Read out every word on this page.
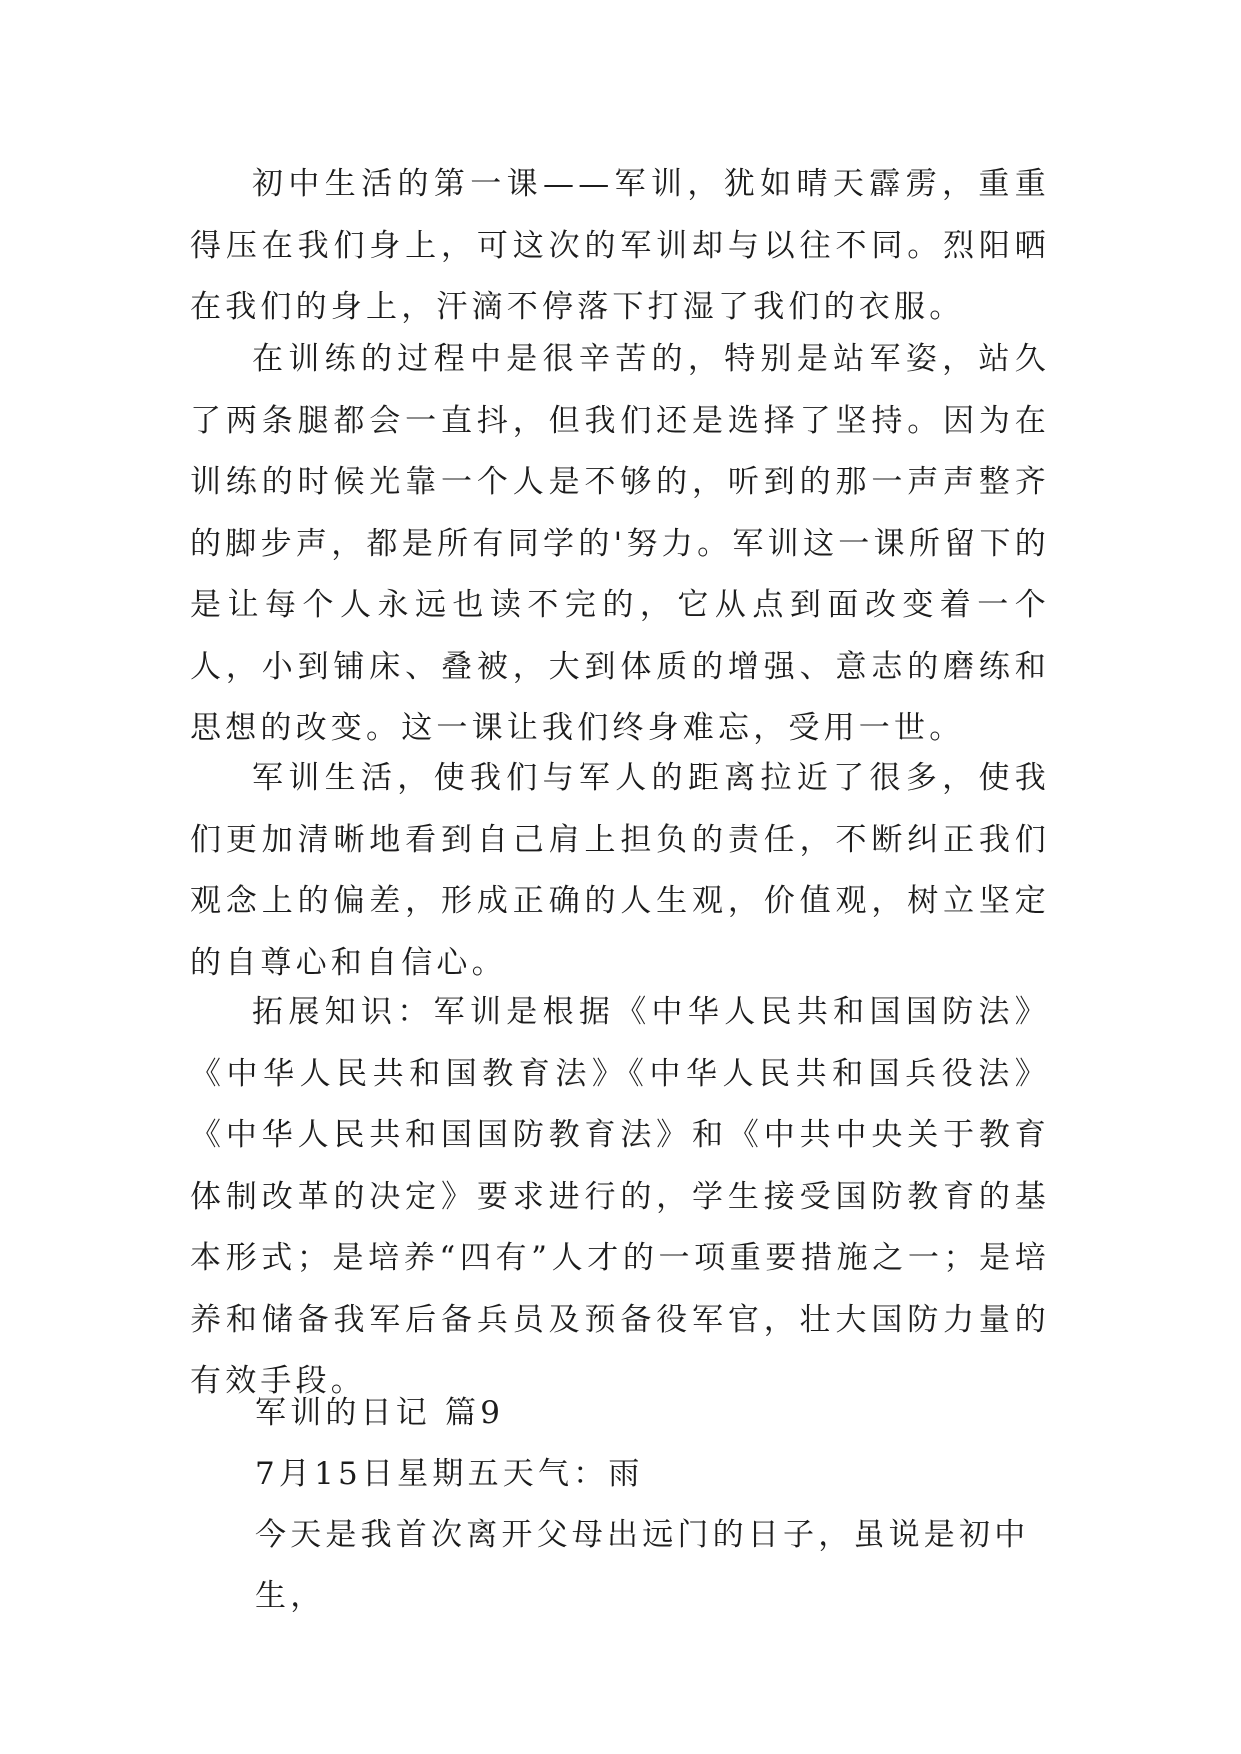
初中生活的第一课——军训，犹如晴天霹雳，重重得压在我们身上，可这次的军训却与以往不同。烈阳晒在我们的身上，汗滴不停落下打湿了我们的衣服。

在训练的过程中是很辛苦的，特别是站军姿，站久了两条腿都会一直抖，但我们还是选择了坚持。因为在训练的时候光靠一个人是不够的，听到的那一声声整齐的脚步声，都是所有同学的'努力。军训这一课所留下的是让每个人永远也读不完的，它从点到面改变着一个人，小到铺床、叠被，大到体质的增强、意志的磨练和思想的改变。这一课让我们终身难忘，受用一世。

军训生活，使我们与军人的距离拉近了很多，使我们更加清晰地看到自己肩上担负的责任，不断纠正我们观念上的偏差，形成正确的人生观，价值观，树立坚定的自尊心和自信心。

拓展知识：军训是根据《中华人民共和国国防法》《中华人民共和国教育法》《中华人民共和国兵役法》《中华人民共和国国防教育法》和《中共中央关于教育体制改革的决定》要求进行的，学生接受国防教育的基本形式；是培养“四有”人才的一项重要措施之一；是培养和储备我军后备兵员及预备役军官，壮大国防力量的有效手段。

军训的日记 篇9
7月15日星期五天气：雨
今天是我首次离开父母出远门的日子，虽说是初中生，
